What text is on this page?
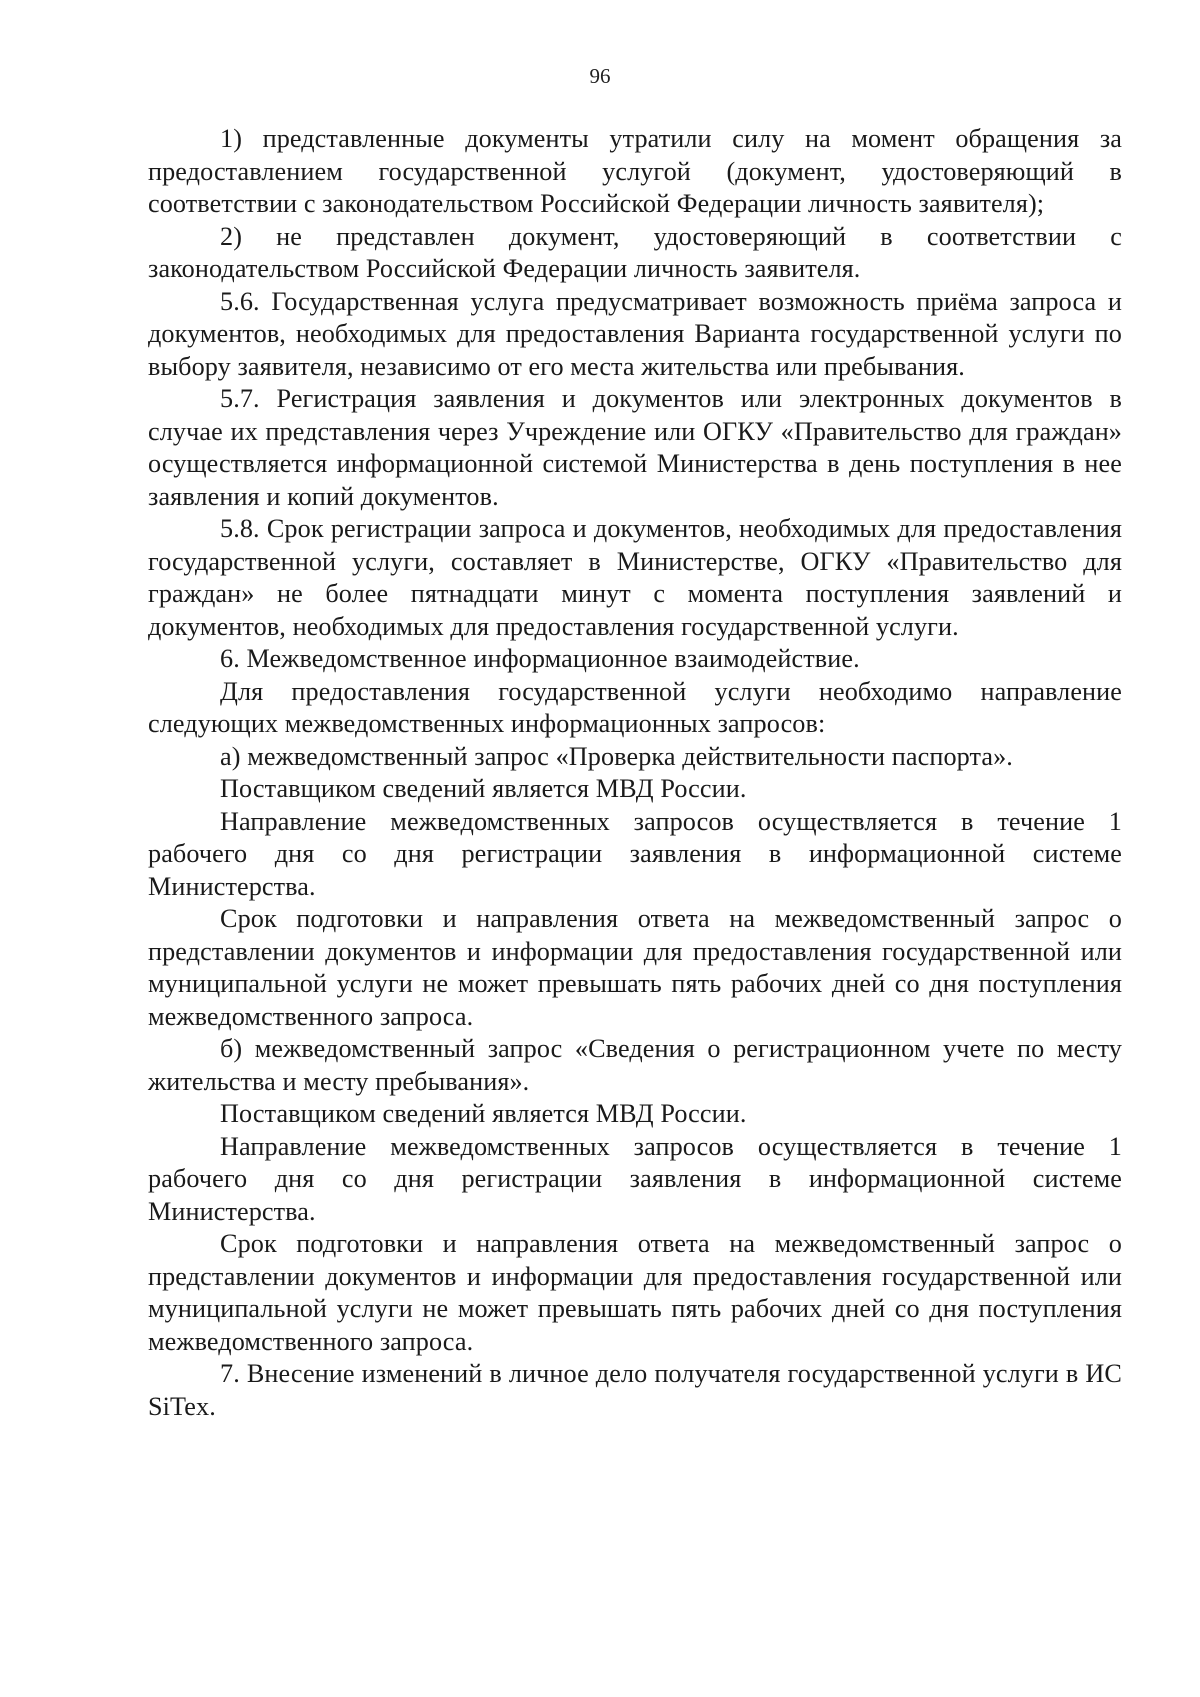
96

1) представленные документы утратили силу на момент обращения за предоставлением государственной услугой (документ, удостоверяющий в соответствии с законодательством Российской Федерации личность заявителя);

2) не представлен документ, удостоверяющий в соответствии с законодательством Российской Федерации личность заявителя.

5.6. Государственная услуга предусматривает возможность приёма запроса и документов, необходимых для предоставления Варианта государственной услуги по выбору заявителя, независимо от его места жительства или пребывания.

5.7. Регистрация заявления и документов или электронных документов в случае их представления через Учреждение или ОГКУ «Правительство для граждан» осуществляется информационной системой Министерства в день поступления в нее заявления и копий документов.

5.8. Срок регистрации запроса и документов, необходимых для предоставления государственной услуги, составляет в Министерстве, ОГКУ «Правительство для граждан» не более пятнадцати минут с момента поступления заявлений и документов, необходимых для предоставления государственной услуги.

6. Межведомственное информационное взаимодействие.

Для предоставления государственной услуги необходимо направление следующих межведомственных информационных запросов:

а) межведомственный запрос «Проверка действительности паспорта».

Поставщиком сведений является МВД России.

Направление межведомственных запросов осуществляется в течение 1 рабочего дня со дня регистрации заявления в информационной системе Министерства.

Срок подготовки и направления ответа на межведомственный запрос о представлении документов и информации для предоставления государственной или муниципальной услуги не может превышать пять рабочих дней со дня поступления межведомственного запроса.

б) межведомственный запрос «Сведения о регистрационном учете по месту жительства и месту пребывания».

Поставщиком сведений является МВД России.

Направление межведомственных запросов осуществляется в течение 1 рабочего дня со дня регистрации заявления в информационной системе Министерства.

Срок подготовки и направления ответа на межведомственный запрос о представлении документов и информации для предоставления государственной или муниципальной услуги не может превышать пять рабочих дней со дня поступления межведомственного запроса.

7. Внесение изменений в личное дело получателя государственной услуги в ИС SiTex.
